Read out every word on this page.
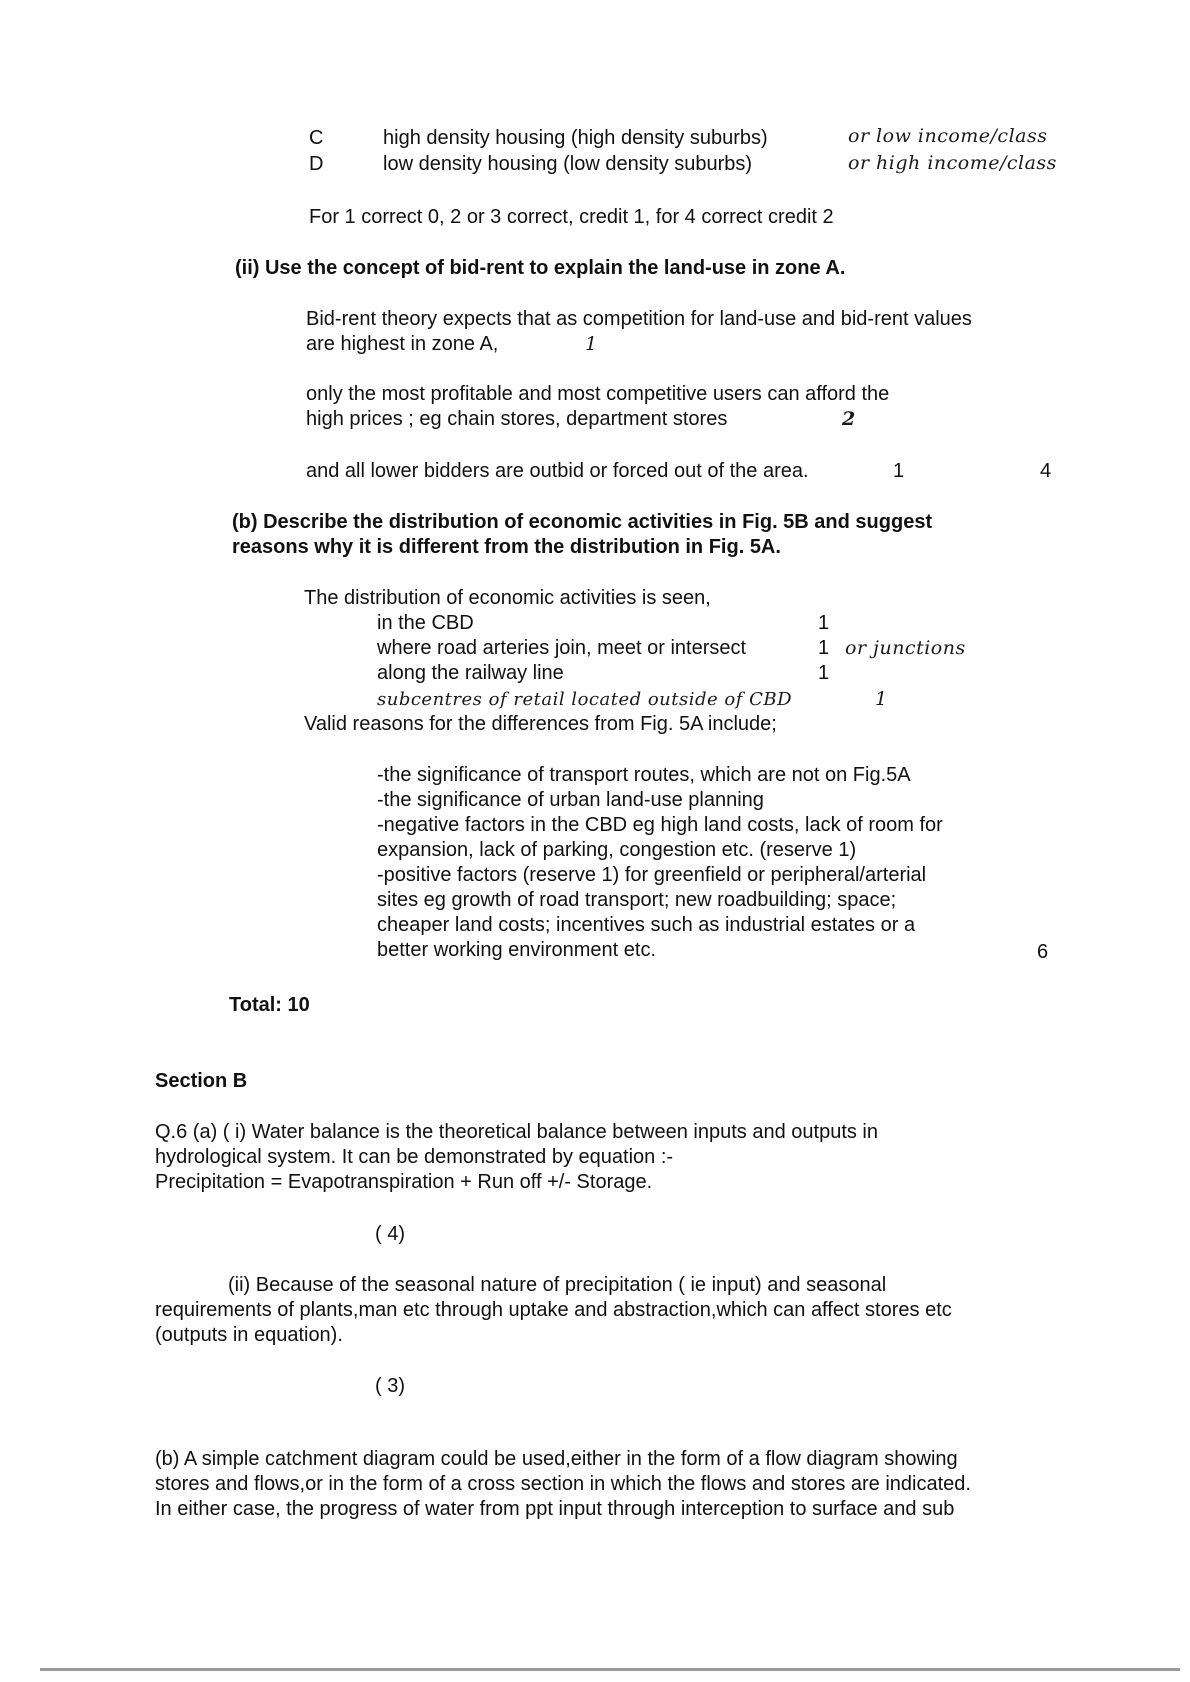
C	high density housing (high density suburbs)	or low income/class
D	low density housing (low density suburbs)	or high income/class
For 1 correct 0, 2 or 3 correct, credit 1, for 4 correct credit 2
(ii) Use the concept of bid-rent to explain the land-use in zone A.
Bid-rent theory expects that as competition for land-use and bid-rent values
are highest in zone A,	1
only the most profitable and most competitive users can afford the
high prices ; eg chain stores, department stores	2
and all lower bidders are outbid or forced out of the area.	1	4
(b) Describe the distribution of economic activities in Fig. 5B and suggest
reasons why it is different from the distribution in Fig. 5A.
The distribution of economic activities is seen,
in the CBD	1
where road arteries join, meet or intersect	1 or junctions
along the railway line	1
subcentres of retail located outside of CBD	1
Valid reasons for the differences from Fig. 5A include;
-the significance of transport routes, which are not on Fig.5A
-the significance of urban land-use planning
-negative factors in the CBD eg high land costs, lack of room for
expansion, lack of parking, congestion etc. (reserve 1)
-positive factors (reserve 1) for greenfield or peripheral/arterial
sites eg growth of road transport; new roadbuilding; space;
cheaper land costs; incentives such as industrial estates or a
better working environment etc.	6
Total: 10
Section B
Q.6 (a) ( i) Water balance is the theoretical balance between inputs and outputs in
hydrological system. It can be demonstrated by equation :-
Precipitation = Evapotranspiration + Run off +/- Storage.
( 4)
(ii) Because of the seasonal nature of precipitation ( ie input) and seasonal
requirements of plants,man etc through uptake and abstraction,which can affect stores etc
(outputs in equation).
( 3)
(b) A simple catchment diagram could be used,either in the form of a flow diagram showing
stores and flows,or in the form of a cross section in which the flows and stores are indicated.
In either case, the progress of water from ppt input through interception to surface and sub
